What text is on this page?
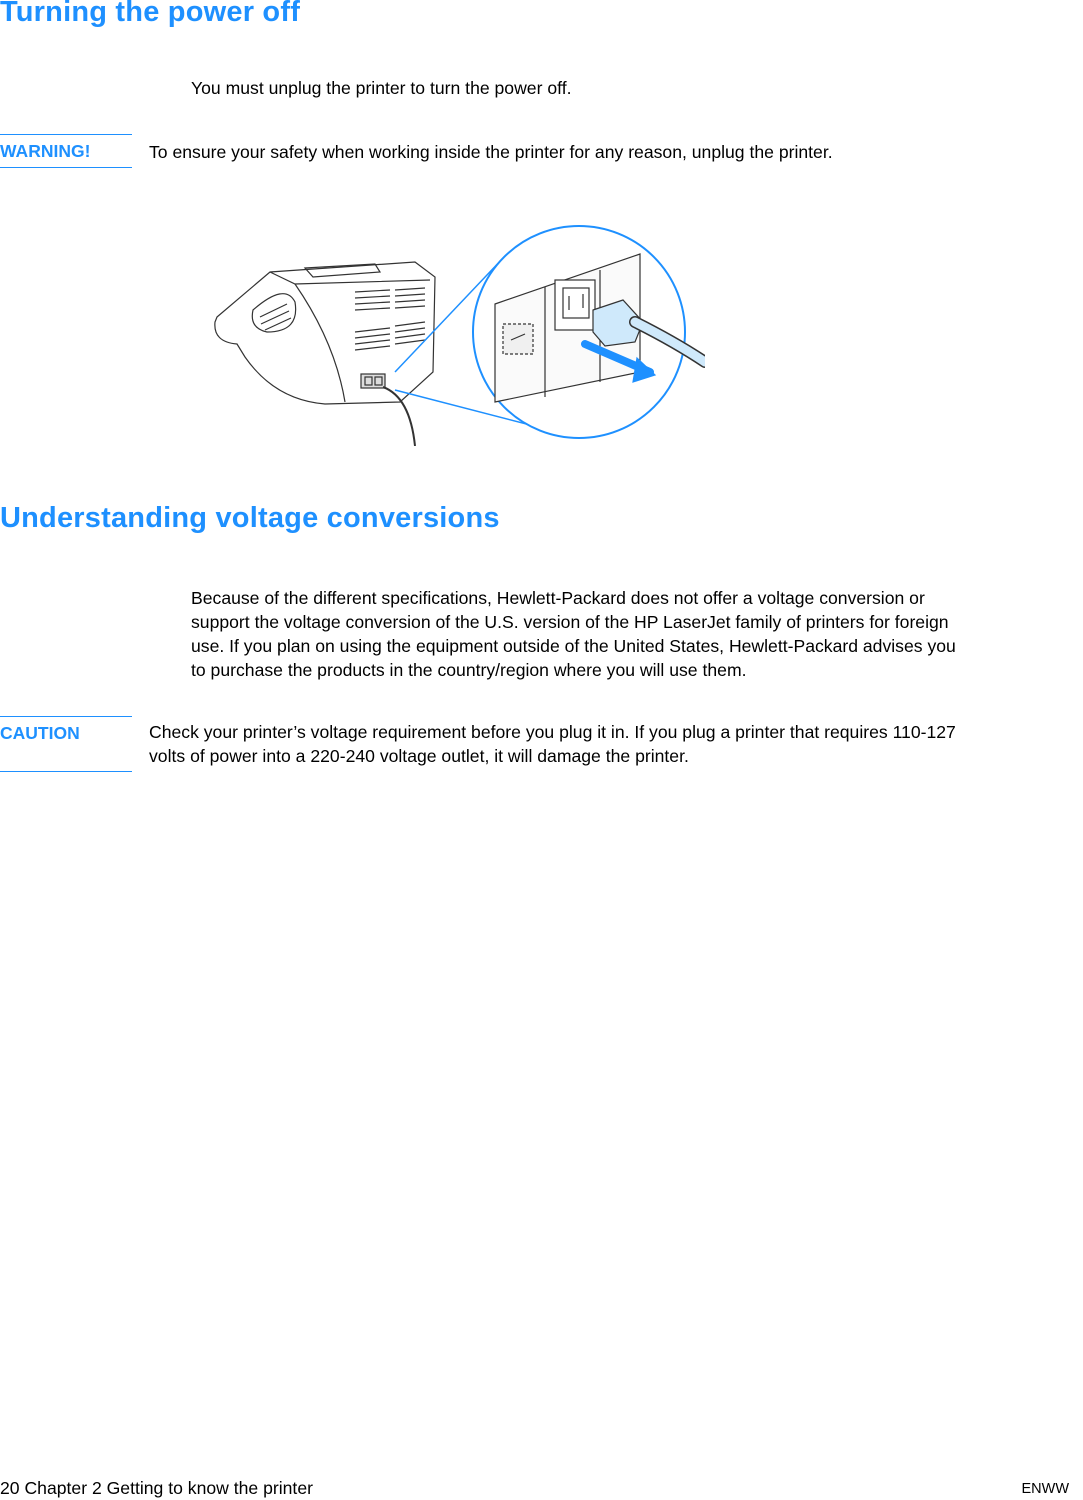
Turning the power off

You must unplug the printer to turn the power off.

WARNING!	To ensure your safety when working inside the printer for any reason, unplug the printer.

Understanding voltage conversions
Because of the different specifications, Hewlett-Packard does not offer a voltage conversion or
support the voltage conversion of the U.S. version of the HP LaserJet family of printers for foreign
use. If you plan on using the equipment outside of the United States, Hewlett-Packard advises you
to purchase the products in the country/region where you will use them.
CAUTION	Check your printer’s voltage requirement before you plug it in. If you plug a printer that requires 110-127
volts of power into a 220-240 voltage outlet, it will damage the printer.
20 Chapter 2 Getting to know the printer	ENWW
